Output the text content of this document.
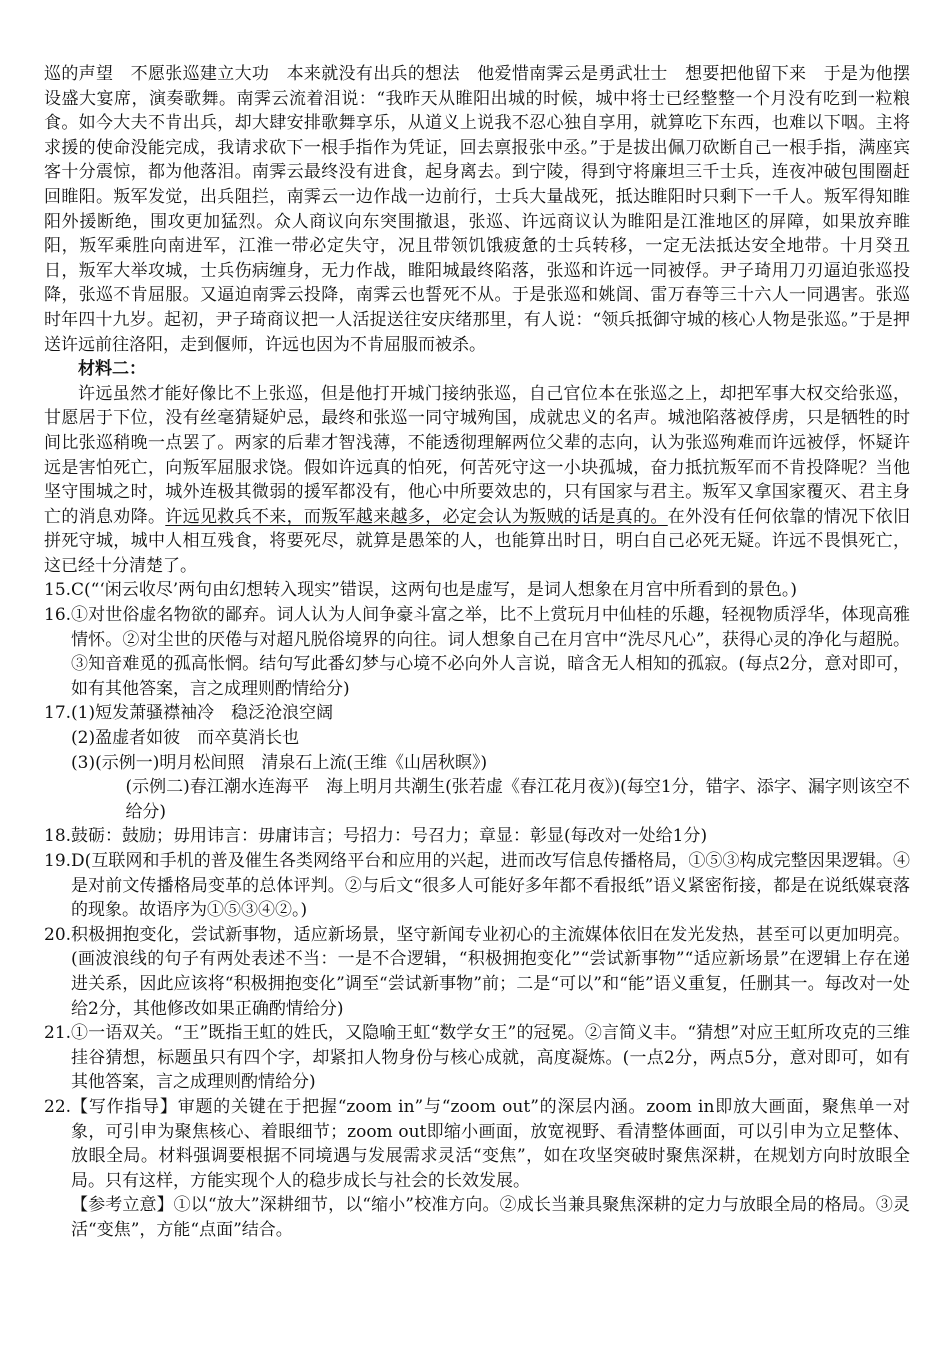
巡的声望　不愿张巡建立大功　本来就没有出兵的想法　他爱惜南霁云是勇武壮士　想要把他留下来　于是为他摆设盛大宴席，演奏歌舞。南霁云流着泪说：“我昨天从睢阳出城的时候，城中将士已经整整一个月没有吃到一粒粮食。如今大夫不肯出兵，却大肆安排歌舞享乐，从道义上说我不忍心独自享用，就算吃下东西，也难以下咽。主将求援的使命没能完成，我请求砍下一根手指作为凭证，回去禀报张中丞。”于是拔出佩刀砍断自己一根手指，满座宾客十分震惊，都为他落泪。南霁云最终没有进食，起身离去。到宁陵，得到守将廉坦三千士兵，连夜冲破包围圈赶回睢阳。叛军发觉，出兵阻拦，南霁云一边作战一边前行，士兵大量战死，抵达睢阳时只剩下一千人。叛军得知睢阳外援断绝，围攻更加猛烈。众人商议向东突围撤退，张巡、许远商议认为睢阳是江淮地区的屏障，如果放弃睢阳，叛军乘胜向南进军，江淮一带必定失守，况且带领饥饿疲惫的士兵转移，一定无法抵达安全地带。十月癸丑日，叛军大举攻城，士兵伤病缠身，无力作战，睢阳城最终陷落，张巡和许远一同被俘。尹子琦用刀刃逼迫张巡投降，张巡不肯屈服。又逼迫南霁云投降，南霁云也誓死不从。于是张巡和姚訚、雷万春等三十六人一同遇害。张巡时年四十九岁。起初，尹子琦商议把一人活捉送往安庆绪那里，有人说：“领兵抵御守城的核心人物是张巡。”于是押送许远前往洛阳，走到偃师，许远也因为不肯屈服而被杀。

材料二：

许远虽然才能好像比不上张巡，但是他打开城门接纳张巡，自己官位本在张巡之上，却把军事大权交给张巡，甘愿居于下位，没有丝毫猜疑妒忌，最终和张巡一同守城殉国，成就忠义的名声。城池陷落被俘虏，只是牺牲的时间比张巡稍晚一点罢了。两家的后辈才智浅薄，不能透彻理解两位父辈的志向，认为张巡殉难而许远被俘，怀疑许远是害怕死亡，向叛军屈服求饶。假如许远真的怕死，何苦死守这一小块孤城，奋力抵抗叛军而不肯投降呢？当他坚守围城之时，城外连极其微弱的援军都没有，他心中所要效忠的，只有国家与君主。叛军又拿国家覆灭、君主身亡的消息劝降。许远见救兵不来，而叛军越来越多，必定会认为叛贼的话是真的。在外没有任何依靠的情况下依旧拼死守城，城中人相互残食，将要死尽，就算是愚笨的人，也能算出时日，明白自己必死无疑。许远不畏惧死亡，这已经十分清楚了。

15. C(“‘闲云收尽’两句由幻想转入现实”错误，这两句也是虚写，是词人想象在月宫中所看到的景色。)
16. ①对世俗虚名物欲的鄙弃。词人认为人间争豪斗富之举，比不上赏玩月中仙桂的乐趣，轻视物质浮华，体现高雅情怀。②对尘世的厌倦与对超凡脱俗境界的向往。词人想象自己在月宫中“洗尽凡心”，获得心灵的净化与超脱。③知音难觅的孤高怅惘。结句写此番幻梦与心境不必向外人言说，暗含无人相知的孤寂。(每点2分，意对即可，如有其他答案，言之成理则酌情给分)
17. (1)短发萧骚襟袖冷　稳泛沧浪空阔
(2)盈虚者如彼　而卒莫消长也
(3)(示例一)明月松间照　清泉石上流(王维《山居秋暝》)
(示例二)春江潮水连海平　海上明月共潮生(张若虚《春江花月夜》)(每空1分，错字、添字、漏字则该空不给分)
18. 鼓砺：鼓励；毋用讳言：毋庸讳言；号招力：号召力；章显：彰显(每改对一处给1分)
19. D(互联网和手机的普及催生各类网络平台和应用的兴起，进而改写信息传播格局，①⑤③构成完整因果逻辑。④是对前文传播格局变革的总体评判。②与后文“很多人可能好多年都不看报纸”语义紧密衔接，都是在说纸媒衰落的现象。故语序为①⑤③④②。)
20. 积极拥抱变化，尝试新事物，适应新场景，坚守新闻专业初心的主流媒体依旧在发光发热，甚至可以更加明亮。(画波浪线的句子有两处表述不当：一是不合逻辑，“积极拥抱变化”“尝试新事物”“适应新场景”在逻辑上存在递进关系，因此应该将“积极拥抱变化”调至“尝试新事物”前；二是“可以”和“能”语义重复，任删其一。每改对一处给2分，其他修改如果正确酌情给分)
21. ①一语双关。“王”既指王虹的姓氏，又隐喻王虹“数学女王”的冠冕。②言简义丰。“猜想”对应王虹所攻克的三维挂谷猜想，标题虽只有四个字，却紧扣人物身份与核心成就，高度凝炼。(一点2分，两点5分，意对即可，如有其他答案，言之成理则酌情给分)
22. 【写作指导】审题的关键在于把握“zoom in”与“zoom out”的深层内涵。zoom in即放大画面，聚焦单一对象，可引申为聚焦核心、着眼细节；zoom out即缩小画面，放宽视野、看清整体画面，可以引申为立足整体、放眼全局。材料强调要根据不同境遇与发展需求灵活“变焦”，如在攻坚突破时聚焦深耕，在规划方向时放眼全局。只有这样，方能实现个人的稳步成长与社会的长效发展。
【参考立意】①以“放大”深耕细节，以“缩小”校准方向。②成长当兼具聚焦深耕的定力与放眼全局的格局。③灵活“变焦”，方能“点面”结合。
